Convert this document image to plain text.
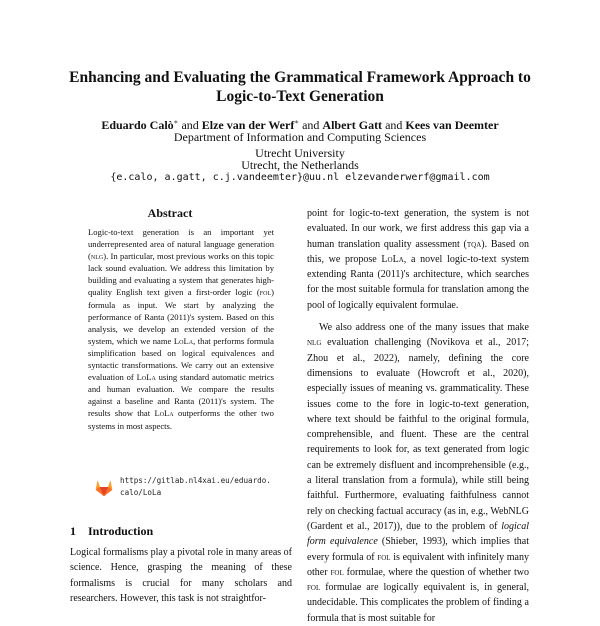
Enhancing and Evaluating the Grammatical Framework Approach to Logic-to-Text Generation
Eduardo Calò∗ and Elze van der Werf∗ and Albert Gatt and Kees van Deemter
Department of Information and Computing Sciences
Utrecht University
Utrecht, the Netherlands
{e.calo, a.gatt, c.j.vandeemter}@uu.nl elzevanderwerf@gmail.com
Abstract
Logic-to-text generation is an important yet underrepresented area of natural language generation (nlg). In particular, most previous works on this topic lack sound evaluation. We address this limitation by building and evaluating a system that generates high-quality English text given a first-order logic (fol) formula as input. We start by analyzing the performance of Ranta (2011)'s system. Based on this analysis, we develop an extended version of the system, which we name LoLa, that performs formula simplification based on logical equivalences and syntactic transformations. We carry out an extensive evaluation of LoLa using standard automatic metrics and human evaluation. We compare the results against a baseline and Ranta (2011)'s system. The results show that LoLa outperforms the other two systems in most aspects.
https://gitlab.nl4xai.eu/eduardo.
calo/LoLa
1 Introduction
Logical formalisms play a pivotal role in many areas of science. Hence, grasping the meaning of these formalisms is crucial for many scholars and researchers. However, this task is not straightfor-

point for logic-to-text generation, the system is not evaluated. In our work, we first address this gap via a human translation quality assessment (tqa). Based on this, we propose LoLa, a novel logic-to-text system extending Ranta (2011)'s architecture, which searches for the most suitable formula for translation among the pool of logically equivalent formulae.

We also address one of the many issues that make nlg evaluation challenging (Novikova et al., 2017; Zhou et al., 2022), namely, defining the core dimensions to evaluate (Howcroft et al., 2020), especially issues of meaning vs. grammaticality. These issues come to the fore in logic-to-text generation, where text should be faithful to the original formula, comprehensible, and fluent. These are the central requirements to look for, as text generated from logic can be extremely disfluent and incomprehensible (e.g., a literal translation from a formula), while still being faithful. Furthermore, evaluating faithfulness cannot rely on checking factual accuracy (as in, e.g., WebNLG (Gardent et al., 2017)), due to the problem of logical form equivalence (Shieber, 1993), which implies that every formula of fol is equivalent with infinitely many other fol formulae, where the question of whether two fol formulae are logically equivalent is, in general, undecidable. This complicates the problem of finding a formula that is most suitable for
